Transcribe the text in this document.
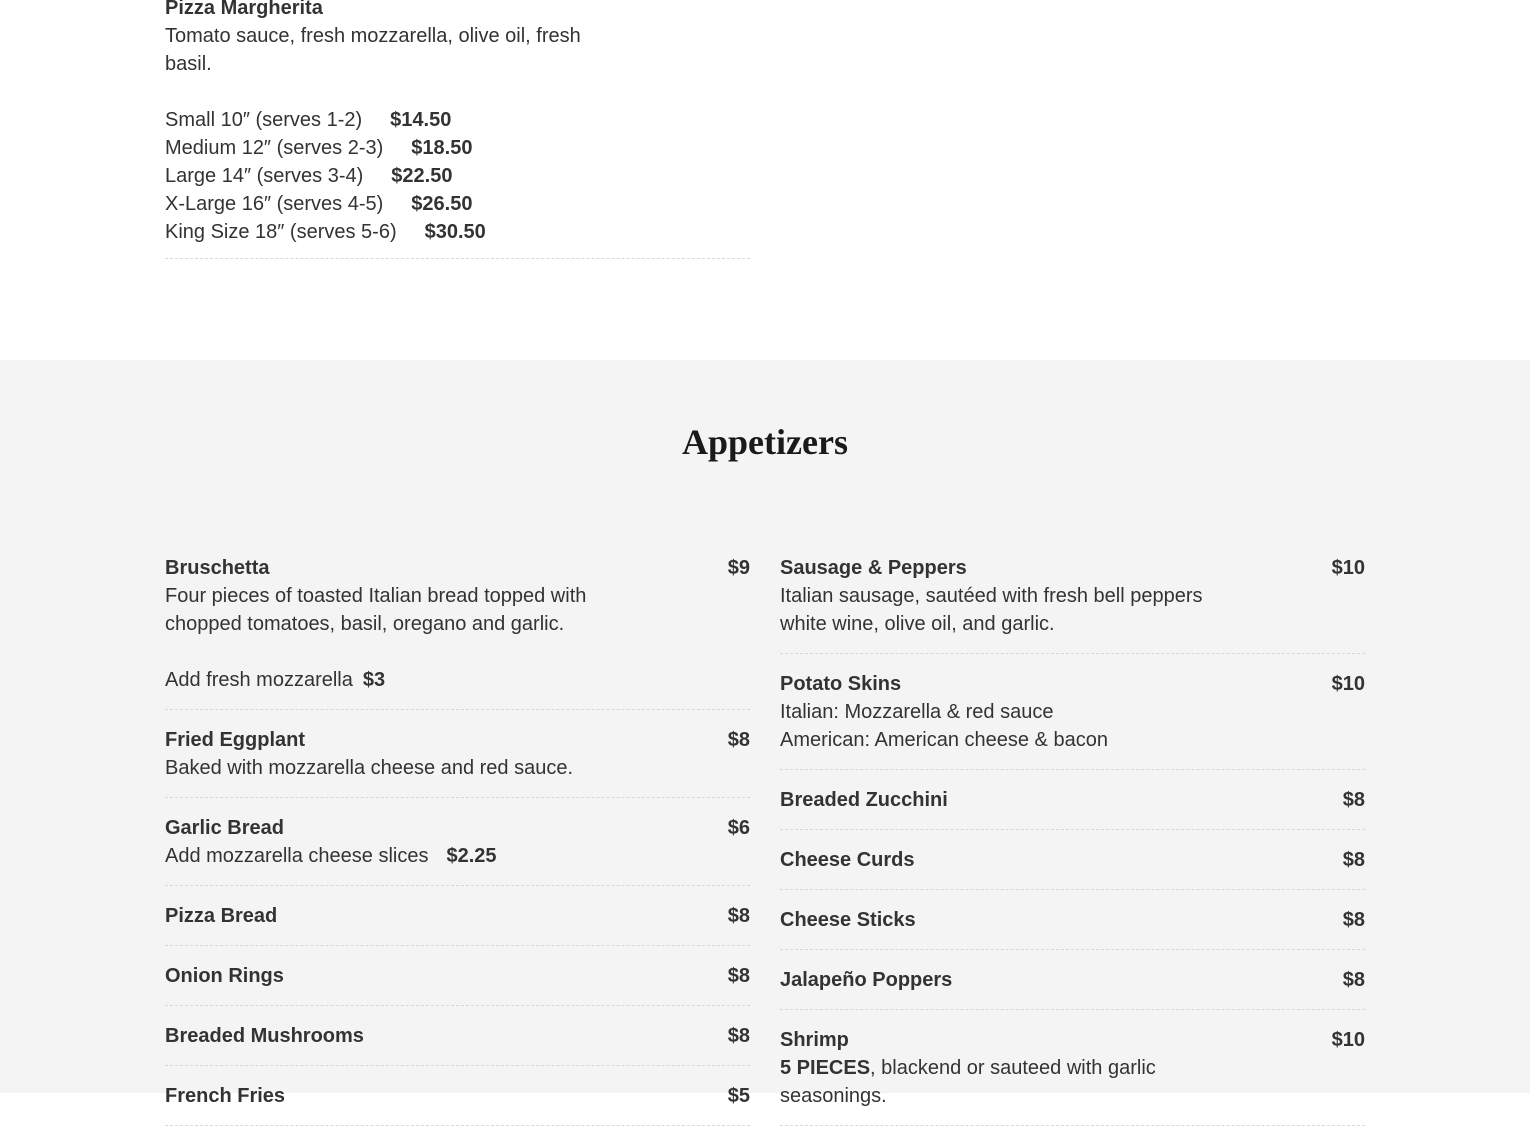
Pizza Margherita
Tomato sauce, fresh mozzarella, olive oil, fresh basil.
Small 10″ (serves 1-2) $14.50
Medium 12″ (serves 2-3) $18.50
Large 14″ (serves 3-4) $22.50
X-Large 16″ (serves 4-5) $26.50
King Size 18″ (serves 5-6) $30.50
Appetizers
Bruschetta	$9
Four pieces of toasted Italian bread topped with chopped tomatoes, basil, oregano and garlic.
Add fresh mozzarella $3
Fried Eggplant	$8
Baked with mozzarella cheese and red sauce.
Garlic Bread	$6
Add mozzarella cheese slices $2.25
Pizza Bread	$8
Onion Rings	$8
Breaded Mushrooms	$8
French Fries	$5
Sausage & Peppers	$10
Italian sausage, sautéed with fresh bell peppers white wine, olive oil, and garlic.
Potato Skins	$10
Italian: Mozzarella & red sauce
American: American cheese & bacon
Breaded Zucchini	$8
Cheese Curds	$8
Cheese Sticks	$8
Jalapeño Poppers	$8
Shrimp	$10
5 PIECES, blackend or sauteed with garlic seasonings.
